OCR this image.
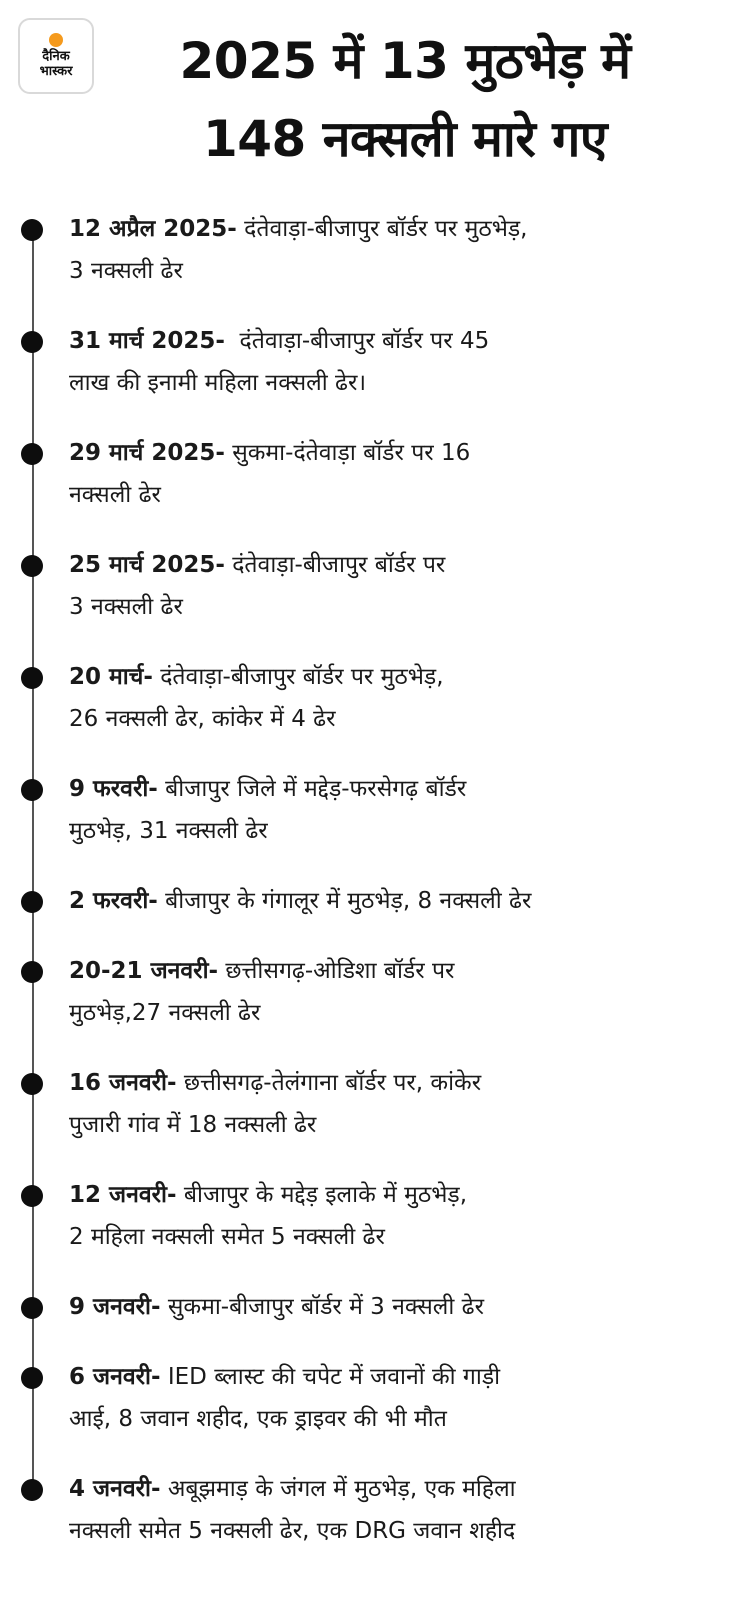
दैनिक
भास्कर	2025 में 13 मुठभेड़ में
148 नक्सली मारे गए
12 अप्रैल 2025- दंतेवाड़ा-बीजापुर बॉर्डर पर मुठभेड़,
3 नक्सली ढेर
31 मार्च 2025-  दंतेवाड़ा-बीजापुर बॉर्डर पर 45
लाख की इनामी महिला नक्सली ढेर।
29 मार्च 2025- सुकमा-दंतेवाड़ा बॉर्डर पर 16
नक्सली ढेर
25 मार्च 2025- दंतेवाड़ा-बीजापुर बॉर्डर पर
3 नक्सली ढेर
20 मार्च- दंतेवाड़ा-बीजापुर बॉर्डर पर मुठभेड़,
26 नक्सली ढेर, कांकेर में 4 ढेर
9 फरवरी- बीजापुर जिले में मद्देड़-फरसेगढ़ बॉर्डर
मुठभेड़, 31 नक्सली ढेर
2 फरवरी- बीजापुर के गंगालूर में मुठभेड़, 8 नक्सली ढेर
20-21 जनवरी- छत्तीसगढ़-ओडिशा बॉर्डर पर
मुठभेड़,27 नक्सली ढेर
16 जनवरी- छत्तीसगढ़-तेलंगाना बॉर्डर पर, कांकेर
पुजारी गांव में 18 नक्सली ढेर
12 जनवरी- बीजापुर के मद्देड़ इलाके में मुठभेड़,
2 महिला नक्सली समेत 5 नक्सली ढेर
9 जनवरी- सुकमा-बीजापुर बॉर्डर में 3 नक्सली ढेर
6 जनवरी- IED ब्लास्ट की चपेट में जवानों की गाड़ी
आई, 8 जवान शहीद, एक ड्राइवर की भी मौत
4 जनवरी- अबूझमाड़ के जंगल में मुठभेड़, एक महिला
नक्सली समेत 5 नक्सली ढेर, एक DRG जवान शहीद
